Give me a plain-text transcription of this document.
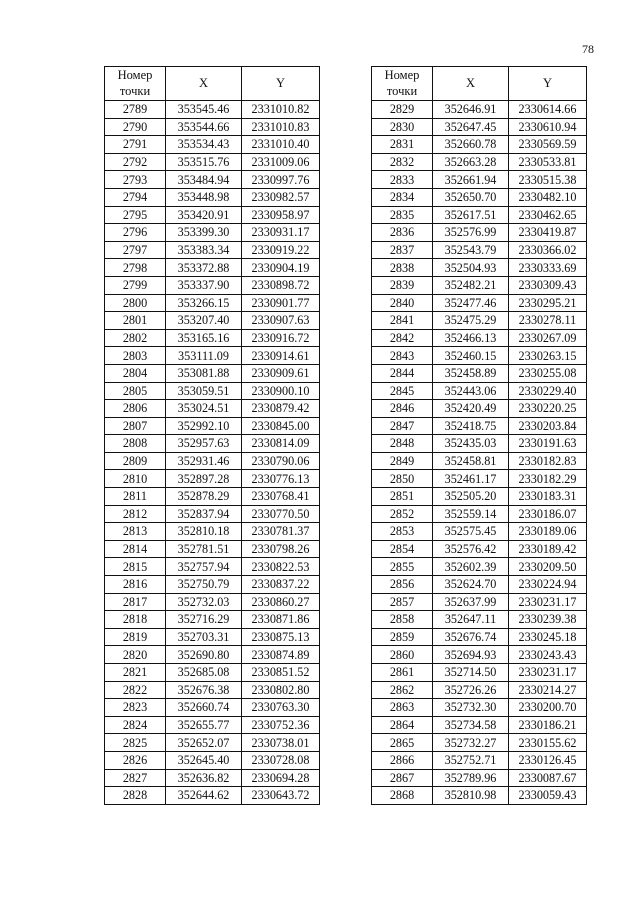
78
Номер
точки	X	Y
2789	353545.46	2331010.82
2790	353544.66	2331010.83
2791	353534.43	2331010.40
2792	353515.76	2331009.06
2793	353484.94	2330997.76
2794	353448.98	2330982.57
2795	353420.91	2330958.97
2796	353399.30	2330931.17
2797	353383.34	2330919.22
2798	353372.88	2330904.19
2799	353337.90	2330898.72
2800	353266.15	2330901.77
2801	353207.40	2330907.63
2802	353165.16	2330916.72
2803	353111.09	2330914.61
2804	353081.88	2330909.61
2805	353059.51	2330900.10
2806	353024.51	2330879.42
2807	352992.10	2330845.00
2808	352957.63	2330814.09
2809	352931.46	2330790.06
2810	352897.28	2330776.13
2811	352878.29	2330768.41
2812	352837.94	2330770.50
2813	352810.18	2330781.37
2814	352781.51	2330798.26
2815	352757.94	2330822.53
2816	352750.79	2330837.22
2817	352732.03	2330860.27
2818	352716.29	2330871.86
2819	352703.31	2330875.13
2820	352690.80	2330874.89
2821	352685.08	2330851.52
2822	352676.38	2330802.80
2823	352660.74	2330763.30
2824	352655.77	2330752.36
2825	352652.07	2330738.01
2826	352645.40	2330728.08
2827	352636.82	2330694.28
2828	352644.62	2330643.72
Номер
точки	X	Y
2829	352646.91	2330614.66
2830	352647.45	2330610.94
2831	352660.78	2330569.59
2832	352663.28	2330533.81
2833	352661.94	2330515.38
2834	352650.70	2330482.10
2835	352617.51	2330462.65
2836	352576.99	2330419.87
2837	352543.79	2330366.02
2838	352504.93	2330333.69
2839	352482.21	2330309.43
2840	352477.46	2330295.21
2841	352475.29	2330278.11
2842	352466.13	2330267.09
2843	352460.15	2330263.15
2844	352458.89	2330255.08
2845	352443.06	2330229.40
2846	352420.49	2330220.25
2847	352418.75	2330203.84
2848	352435.03	2330191.63
2849	352458.81	2330182.83
2850	352461.17	2330182.29
2851	352505.20	2330183.31
2852	352559.14	2330186.07
2853	352575.45	2330189.06
2854	352576.42	2330189.42
2855	352602.39	2330209.50
2856	352624.70	2330224.94
2857	352637.99	2330231.17
2858	352647.11	2330239.38
2859	352676.74	2330245.18
2860	352694.93	2330243.43
2861	352714.50	2330231.17
2862	352726.26	2330214.27
2863	352732.30	2330200.70
2864	352734.58	2330186.21
2865	352732.27	2330155.62
2866	352752.71	2330126.45
2867	352789.96	2330087.67
2868	352810.98	2330059.43
